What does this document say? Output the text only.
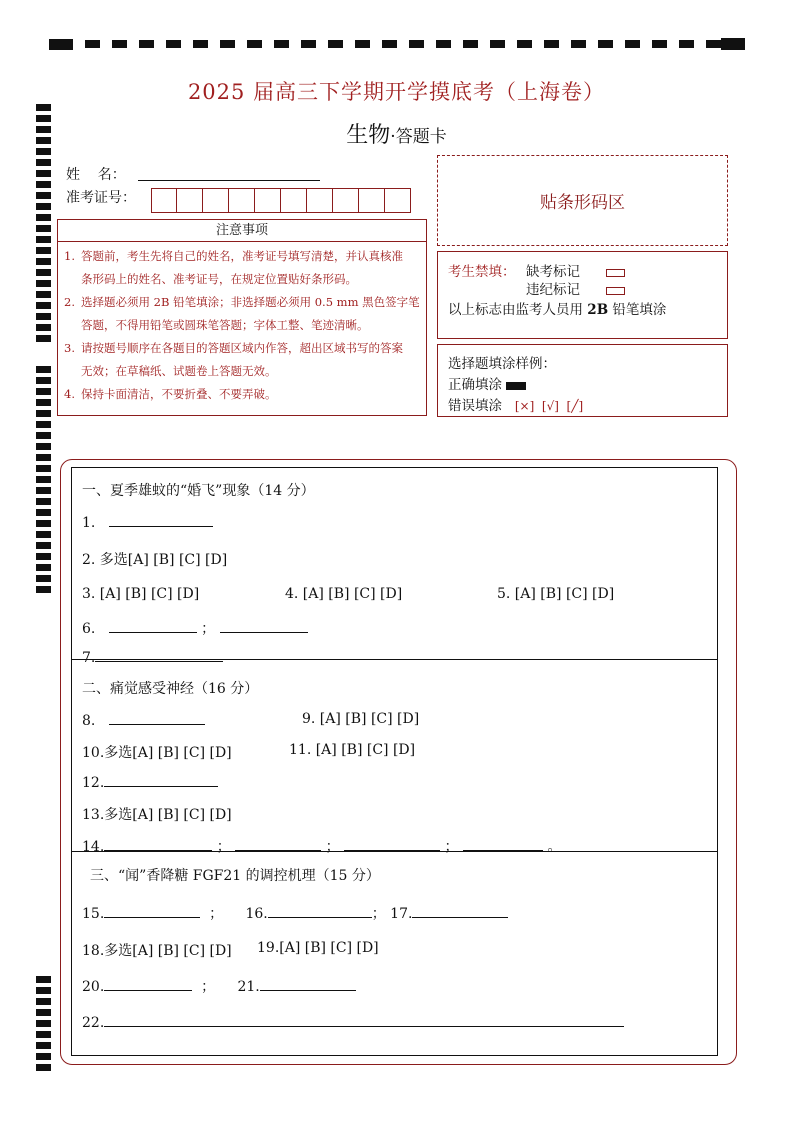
2025 届高三下学期开学摸底考（上海卷）
生物·答题卡
姓    名：
准考证号：	贴条形码区
注意事项
1. 答题前，考生先将自己的姓名，准考证号填写清楚，并认真核准
条形码上的姓名、准考证号，在规定位置贴好条形码。
2. 选择题必须用 2B 铅笔填涂；非选择题必须用 0.5 mm 黑色签字笔
答题，不得用铅笔或圆珠笔答题；字体工整、笔迹清晰。
3. 请按题号顺序在各题目的答题区域内作答，超出区域书写的答案
无效；在草稿纸、试题卷上答题无效。
4. 保持卡面清洁，不要折叠、不要弄破。
考生禁填： 缺考标记
违纪标记
以上标志由监考人员用 2B 铅笔填涂
选择题填涂样例：
正确填涂
错误填涂 [×]  [√]  [╱]
一、夏季雄蚊的“婚飞”现象（14 分）
1.
2. 多选[A] [B] [C] [D]
3. [A] [B] [C] [D]	4. [A] [B] [C] [D]	5. [A] [B] [C] [D]
6.	；
7.
二、痛觉感受神经（16 分）
8.	9. [A] [B] [C] [D]
10.多选[A] [B] [C] [D]	11. [A] [B] [C] [D]
12.
13.多选[A] [B] [C] [D]
14.	；	；	；	。
三、“闻”香降糖 FGF21 的调控机理（15 分）
15.	； 16.	； 17.
18.多选[A] [B] [C] [D] 19.[A] [B] [C] [D]
20.	； 21.
22.
